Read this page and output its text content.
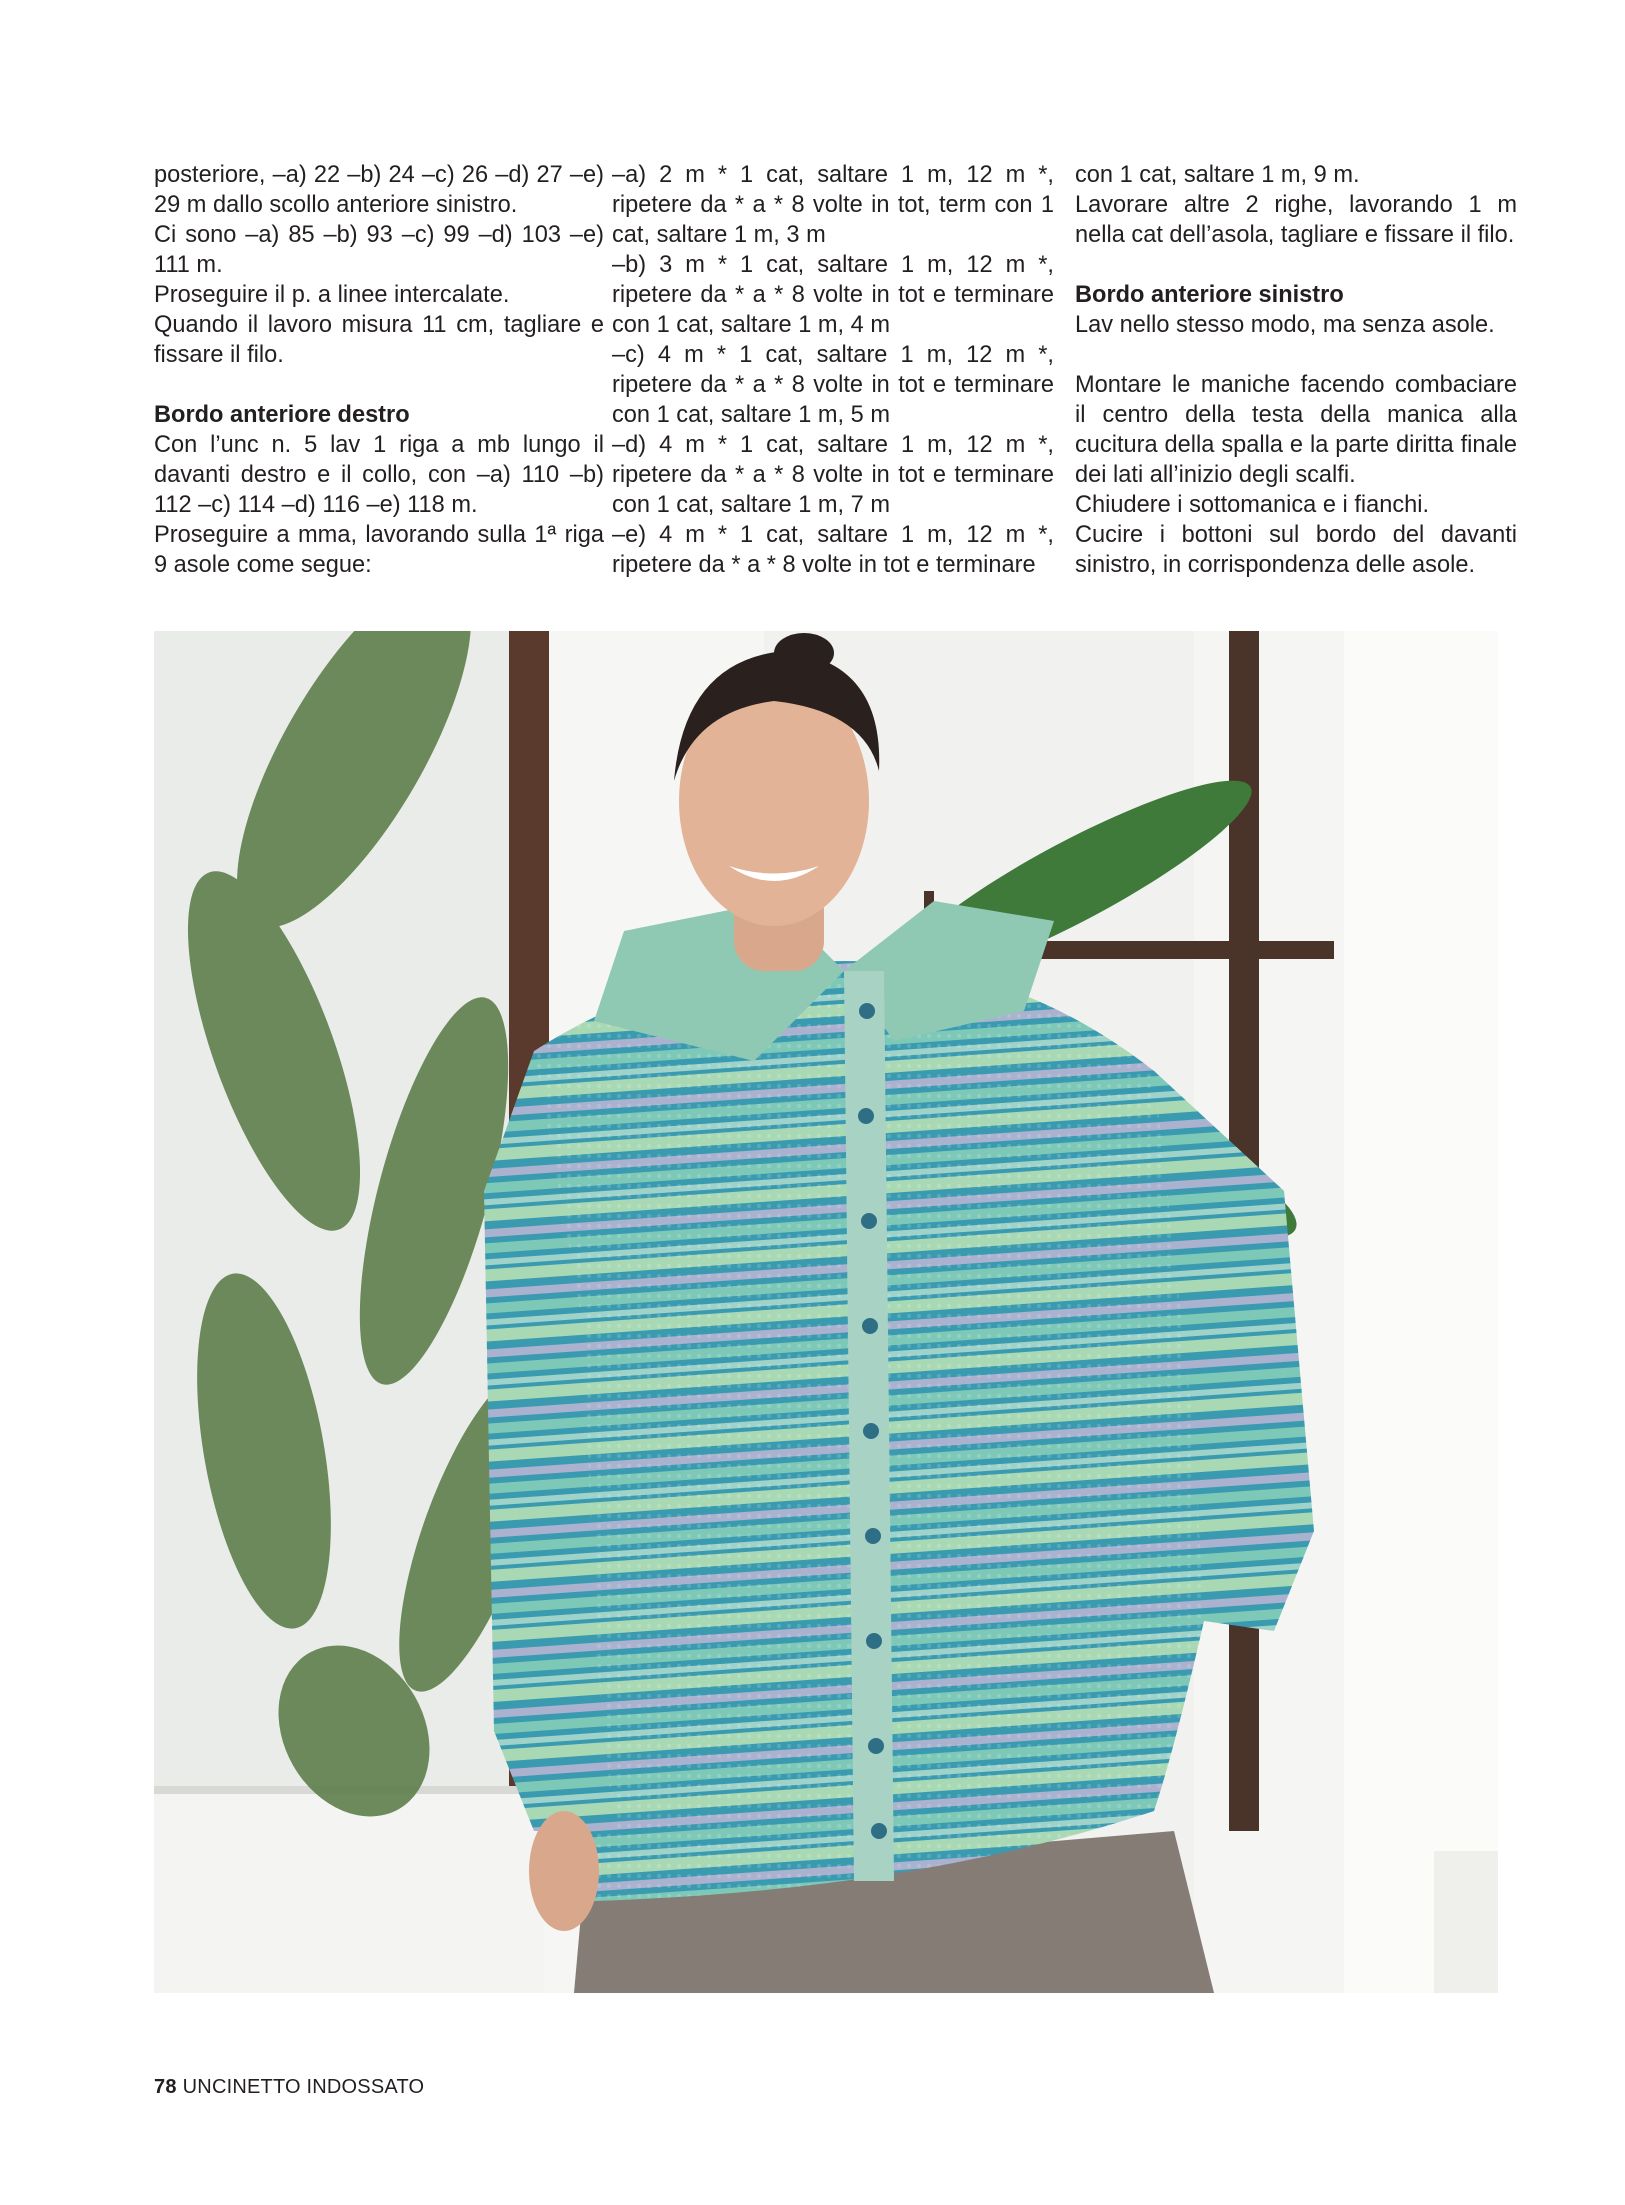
posteriore, –a) 22 –b) 24 –c) 26 –d) 27 –e) 29 m dallo scollo anteriore sinistro.

Ci sono –a) 85 –b) 93 –c) 99 –d) 103 –e) 111 m.

Proseguire il p. a linee intercalate.

Quando il lavoro misura 11 cm, tagliare e fissare il filo.

Bordo anteriore destro

Con l’unc n. 5 lav 1 riga a mb lungo il davanti destro e il collo, con –a) 110 –b) 112 –c) 114 –d) 116 –e) 118 m.

Proseguire a mma, lavorando sulla 1ª riga 9 asole come segue:

–a) 2 m * 1 cat, saltare 1 m, 12 m *, ripetere da * a * 8 volte in tot, term con 1 cat, saltare 1 m, 3 m

–b) 3 m * 1 cat, saltare 1 m, 12 m *, ripetere da * a * 8 volte in tot e terminare con 1 cat, saltare 1 m, 4 m

–c) 4 m * 1 cat, saltare 1 m, 12 m *, ripetere da * a * 8 volte in tot e terminare con 1 cat, saltare 1 m, 5 m

–d) 4 m * 1 cat, saltare 1 m, 12 m *, ripetere da * a * 8 volte in tot e terminare con 1 cat, saltare 1 m, 7 m

–e) 4 m * 1 cat, saltare 1 m, 12 m *, ripetere da * a * 8 volte in tot e terminare

con 1 cat, saltare 1 m, 9 m.

Lavorare altre 2 righe, lavorando 1 m nella cat dell’asola, tagliare e fissare il filo.

Bordo anteriore sinistro

Lav nello stesso modo, ma senza asole.

Montare le maniche facendo combaciare il centro della testa della manica alla cucitura della spalla e la parte diritta finale dei lati all’inizio degli scalfi.

Chiudere i sottomanica e i fianchi.

Cucire i bottoni sul bordo del davanti sinistro, in corrispondenza delle asole.

78 UNCINETTO INDOSSATO
